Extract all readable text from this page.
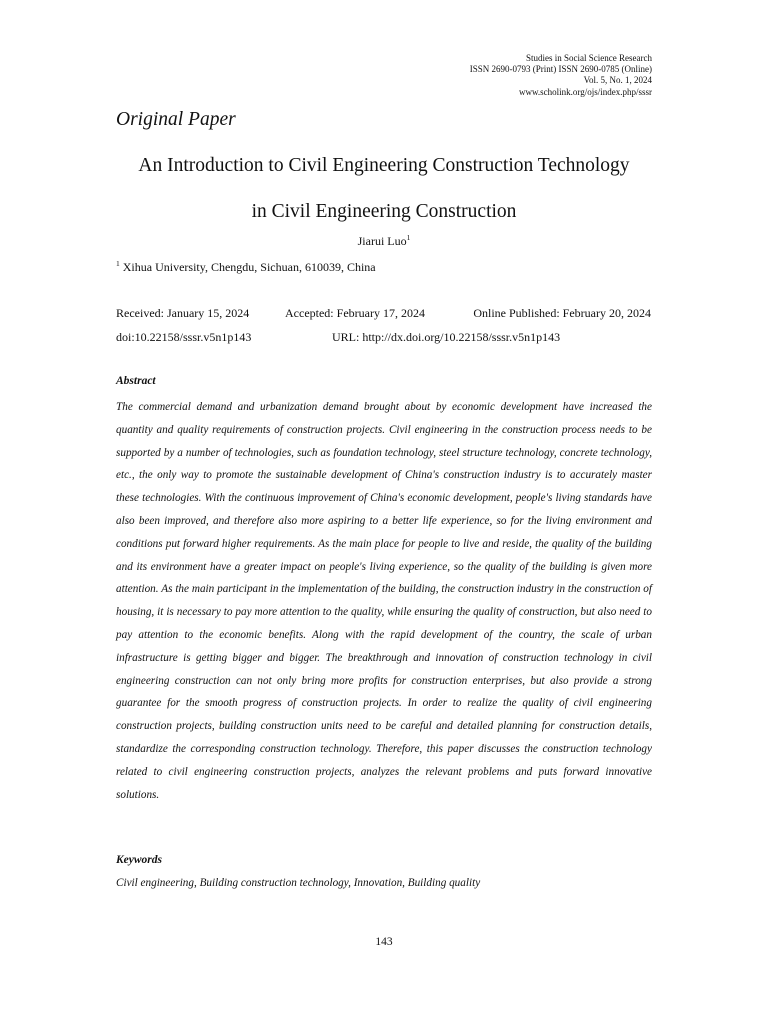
Studies in Social Science Research
ISSN 2690-0793 (Print) ISSN 2690-0785 (Online)
Vol. 5, No. 1, 2024
www.scholink.org/ojs/index.php/sssr
Original Paper
An Introduction to Civil Engineering Construction Technology
in Civil Engineering Construction
Jiarui Luo$^1$
$^1$ Xihua University, Chengdu, Sichuan, 610039, China
Received: January 15, 2024	Accepted: February 17, 2024	Online Published: February 20, 2024
doi:10.22158/sssr.v5n1p143	URL: http://dx.doi.org/10.22158/sssr.v5n1p143
Abstract
The commercial demand and urbanization demand brought about by economic development have increased the quantity and quality requirements of construction projects. Civil engineering in the construction process needs to be supported by a number of technologies, such as foundation technology, steel structure technology, concrete technology, etc., the only way to promote the sustainable development of China's construction industry is to accurately master these technologies. With the continuous improvement of China's economic development, people's living standards have also been improved, and therefore also more aspiring to a better life experience, so for the living environment and conditions put forward higher requirements. As the main place for people to live and reside, the quality of the building and its environment have a greater impact on people's living experience, so the quality of the building is given more attention. As the main participant in the implementation of the building, the construction industry in the construction of housing, it is necessary to pay more attention to the quality, while ensuring the quality of construction, but also need to pay attention to the economic benefits. Along with the rapid development of the country, the scale of urban infrastructure is getting bigger and bigger. The breakthrough and innovation of construction technology in civil engineering construction can not only bring more profits for construction enterprises, but also provide a strong guarantee for the smooth progress of construction projects. In order to realize the quality of civil engineering construction projects, building construction units need to be careful and detailed planning for construction details, standardize the corresponding construction technology. Therefore, this paper discusses the construction technology related to civil engineering construction projects, analyzes the relevant problems and puts forward innovative solutions.
Keywords
Civil engineering, Building construction technology, Innovation, Building quality
143
